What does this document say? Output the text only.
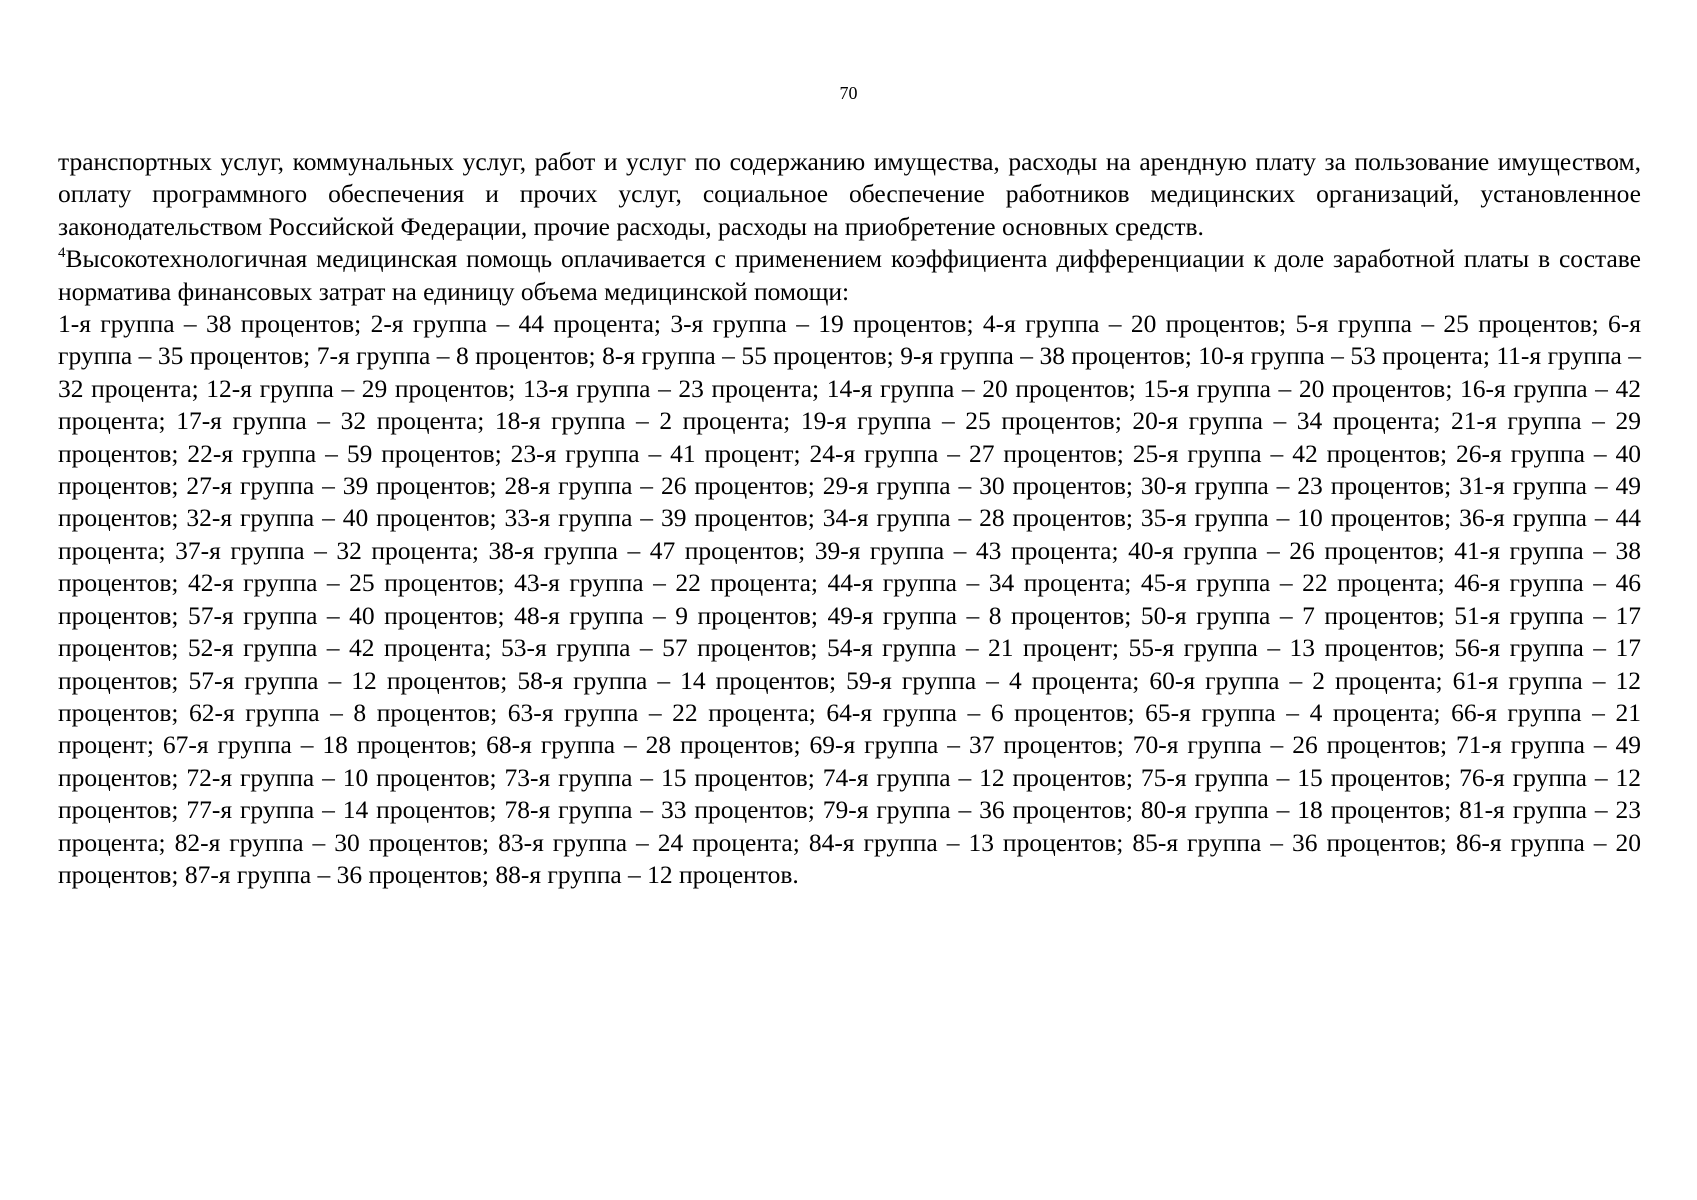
70

транспортных услуг, коммунальных услуг, работ и услуг по содержанию имущества, расходы на арендную плату за пользование имуществом, оплату программного обеспечения и прочих услуг, социальное обеспечение работников медицинских организаций, установленное законодательством Российской Федерации, прочие расходы, расходы на приобретение основных средств.

$^4$Высокотехнологичная медицинская помощь оплачивается с применением коэффициента дифференциации к доле заработной платы в составе норматива финансовых затрат на единицу объема медицинской помощи:

1-я группа – 38 процентов; 2-я группа – 44 процента; 3-я группа – 19 процентов; 4-я группа – 20 процентов; 5-я группа – 25 процентов; 6-я группа – 35 процентов; 7-я группа – 8 процентов; 8-я группа – 55 процентов; 9-я группа – 38 процентов; 10-я группа – 53 процента; 11-я группа – 32 процента; 12-я группа – 29 процентов; 13-я группа – 23 процента; 14-я группа – 20 процентов; 15-я группа – 20 процентов; 16-я группа – 42 процента; 17-я группа – 32 процента; 18-я группа – 2 процента; 19-я группа – 25 процентов; 20-я группа – 34 процента; 21-я группа – 29 процентов; 22-я группа – 59 процентов; 23-я группа – 41 процент; 24-я группа – 27 процентов; 25-я группа – 42 процентов; 26-я группа – 40 процентов; 27-я группа – 39 процентов; 28-я группа – 26 процентов; 29-я группа – 30 процентов; 30-я группа – 23 процентов; 31-я группа – 49 процентов; 32-я группа – 40 процентов; 33-я группа – 39 процентов; 34-я группа – 28 процентов; 35-я группа – 10 процентов; 36-я группа – 44 процента; 37-я группа – 32 процента; 38-я группа – 47 процентов; 39-я группа – 43 процента; 40-я группа – 26 процентов; 41-я группа – 38 процентов; 42-я группа – 25 процентов; 43-я группа – 22 процента; 44-я группа – 34 процента; 45-я группа – 22 процента; 46-я группа – 46 процентов; 57-я группа – 40 процентов; 48-я группа – 9 процентов; 49-я группа – 8 процентов; 50-я группа – 7 процентов; 51-я группа – 17 процентов; 52-я группа – 42 процента; 53-я группа – 57 процентов; 54-я группа – 21 процент; 55-я группа – 13 процентов; 56-я группа – 17 процентов; 57-я группа – 12 процентов; 58-я группа – 14 процентов; 59-я группа – 4 процента; 60-я группа – 2 процента; 61-я группа – 12 процентов; 62-я группа – 8 процентов; 63-я группа – 22 процента; 64-я группа – 6 процентов; 65-я группа – 4 процента; 66-я группа – 21 процент; 67-я группа – 18 процентов; 68-я группа – 28 процентов; 69-я группа – 37 процентов; 70-я группа – 26 процентов; 71-я группа – 49 процентов; 72-я группа – 10 процентов; 73-я группа – 15 процентов; 74-я группа – 12 процентов; 75-я группа – 15 процентов; 76-я группа – 12 процентов; 77-я группа – 14 процентов; 78-я группа – 33 процентов; 79-я группа – 36 процентов; 80-я группа – 18 процентов; 81-я группа – 23 процента; 82-я группа – 30 процентов; 83-я группа – 24 процента; 84-я группа – 13 процентов; 85-я группа – 36 процентов; 86-я группа – 20 процентов; 87-я группа – 36 процентов; 88-я группа – 12 процентов.
